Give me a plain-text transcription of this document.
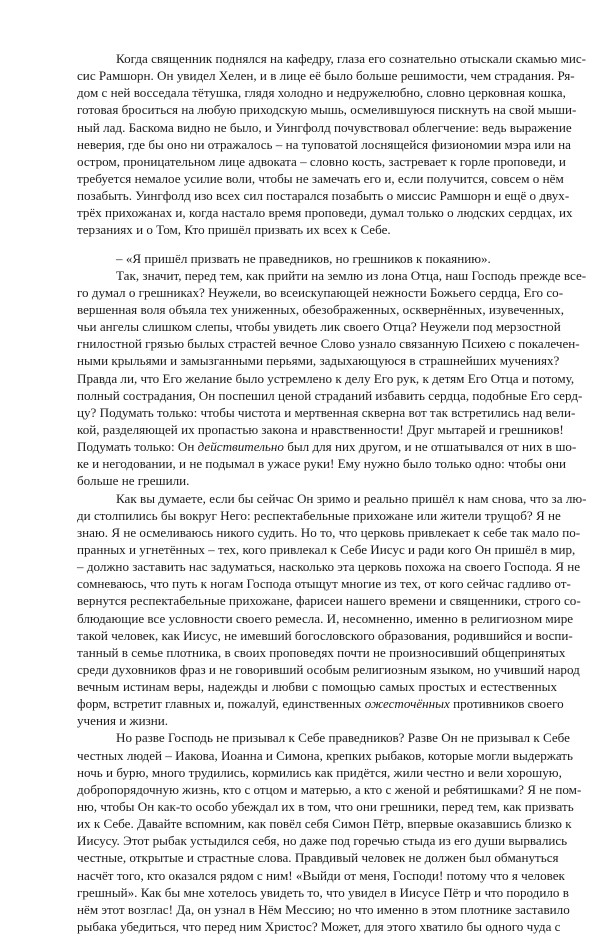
Когда священник поднялся на кафедру, глаза его сознательно отыскали скамью мис-
сис Рамшорн. Он увидел Хелен, и в лице её было больше решимости, чем страдания. Ря-
дом с ней восседала тётушка, глядя холодно и недружелюбно, словно церковная кошка,
готовая броситься на любую приходскую мышь, осмелившуюся пискнуть на свой мыши-
ный лад. Баскома видно не было, и Уингфолд почувствовал облегчение: ведь выражение
неверия, где бы оно ни отражалось – на туповатой лоснящейся физиономии мэра или на
остром, проницательном лице адвоката – словно кость, застревает к горле проповеди, и
требуется немалое усилие воли, чтобы не замечать его и, если получится, совсем о нём
позабыть. Уингфолд изо всех сил постарался позабыть о миссис Рамшорн и ещё о двух-
трёх прихожанах и, когда настало время проповеди, думал только о людских сердцах, их
терзаниях и о Том, Кто пришёл призвать их всех к Себе.
– «Я пришёл призвать не праведников, но грешников к покаянию».
Так, значит, перед тем, как прийти на землю из лона Отца, наш Господь прежде все-
го думал о грешниках? Неужели, во всеискупающей нежности Божьего сердца, Его со-
вершенная воля объяла тех униженных, обезображенных, осквернённых, изувеченных,
чьи ангелы слишком слепы, чтобы увидеть лик своего Отца? Неужели под мерзостной
гнилостной грязью былых страстей вечное Слово узнало связанную Психею с покалечен-
ными крыльями и замызганными перьями, задыхающуюся в страшнейших мучениях?
Правда ли, что Его желание было устремлено к делу Его рук, к детям Его Отца и потому,
полный сострадания, Он поспешил ценой страданий избавить сердца, подобные Его серд-
цу? Подумать только: чтобы чистота и мертвенная скверна вот так встретились над вели-
кой, разделяющей их пропастью закона и нравственности! Друг мытарей и грешников!
Подумать только: Он действительно был для них другом, и не отшатывался от них в шо-
ке и негодовании, и не подымал в ужасе руки! Ему нужно было только одно: чтобы они
больше не грешили.
Как вы думаете, если бы сейчас Он зримо и реально пришёл к нам снова, что за лю-
ди столпились бы вокруг Него: респектабельные прихожане или жители трущоб? Я не
знаю. Я не осмеливаюсь никого судить. Но то, что церковь привлекает к себе так мало по-
пранных и угнетённых – тех, кого привлекал к Себе Иисус и ради кого Он пришёл в мир,
– должно заставить нас задуматься, насколько эта церковь похожа на своего Господа. Я не
сомневаюсь, что путь к ногам Господа отыщут многие из тех, от кого сейчас гадливо от-
вернутся респектабельные прихожане, фарисеи нашего времени и священники, строго со-
блюдающие все условности своего ремесла. И, несомненно, именно в религиозном мире
такой человек, как Иисус, не имевший богословского образования, родившийся и воспи-
танный в семье плотника, в своих проповедях почти не произносивший общепринятых
среди духовников фраз и не говоривший особым религиозным языком, но учивший народ
вечным истинам веры, надежды и любви с помощью самых простых и естественных
форм, встретит главных и, пожалуй, единственных ожесточённых противников своего
учения и жизни.
Но разве Господь не призывал к Себе праведников? Разве Он не призывал к Себе
честных людей – Иакова, Иоанна и Симона, крепких рыбаков, которые могли выдержать
ночь и бурю, много трудились, кормились как придётся, жили честно и вели хорошую,
добропорядочную жизнь, кто с отцом и матерью, а кто с женой и ребятишками? Я не пом-
ню, чтобы Он как-то особо убеждал их в том, что они грешники, перед тем, как призвать
их к Себе. Давайте вспомним, как повёл себя Симон Пётр, впервые оказавшись близко к
Иисусу. Этот рыбак устыдился себя, но даже под горечью стыда из его души вырвались
честные, открытые и страстные слова. Правдивый человек не должен был обмануться
насчёт того, кто оказался рядом с ним! «Выйди от меня, Господи! потому что я человек
грешный». Как бы мне хотелось увидеть то, что увидел в Иисусе Пётр и что породило в
нём этот возглас! Да, он узнал в Нём Мессию; но что именно в этом плотнике заставило
рыбака убедиться, что перед ним Христос? Может, для этого хватило бы одного чуда с
